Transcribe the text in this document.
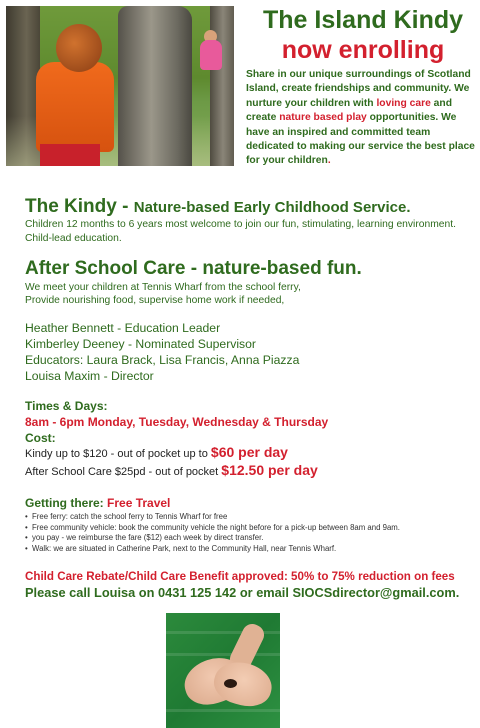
The Island Kindy
now enrolling
Share in our unique surroundings of Scotland Island, create friendships and community. We nurture your children with loving care and create nature based play opportunities. We have an inspired and committed team dedicated to making our service the best place for your children.
The Kindy - Nature-based Early Childhood Service.
Children 12 months to 6 years most welcome to join our fun, stimulating, learning environment. Child-lead education.
After School Care - nature-based fun.
We meet your children at Tennis Wharf from the school ferry,
Provide nourishing food, supervise home work if needed,
Heather Bennett - Education Leader
Kimberley Deeney - Nominated Supervisor
Educators: Laura Brack, Lisa Francis, Anna Piazza
Louisa Maxim - Director
Times & Days:
8am - 6pm Monday, Tuesday, Wednesday & Thursday
Cost:
Kindy up to $120 - out of pocket up to $60 per day
After School Care $25pd - out of pocket $12.50 per day
Getting there: Free Travel
• Free ferry: catch the school ferry to Tennis Wharf for free
• Free community vehicle: book the community vehicle the night before for a pick-up between 8am and 9am.
• you pay - we reimburse the fare ($12) each week by direct transfer.
• Walk: we are situated in Catherine Park, next to the Community Hall, near Tennis Wharf.
Child Care Rebate/Child Care Benefit approved: 50% to 75% reduction on fees
Please call Louisa on 0431 125 142 or email SIOCSdirector@gmail.com.
